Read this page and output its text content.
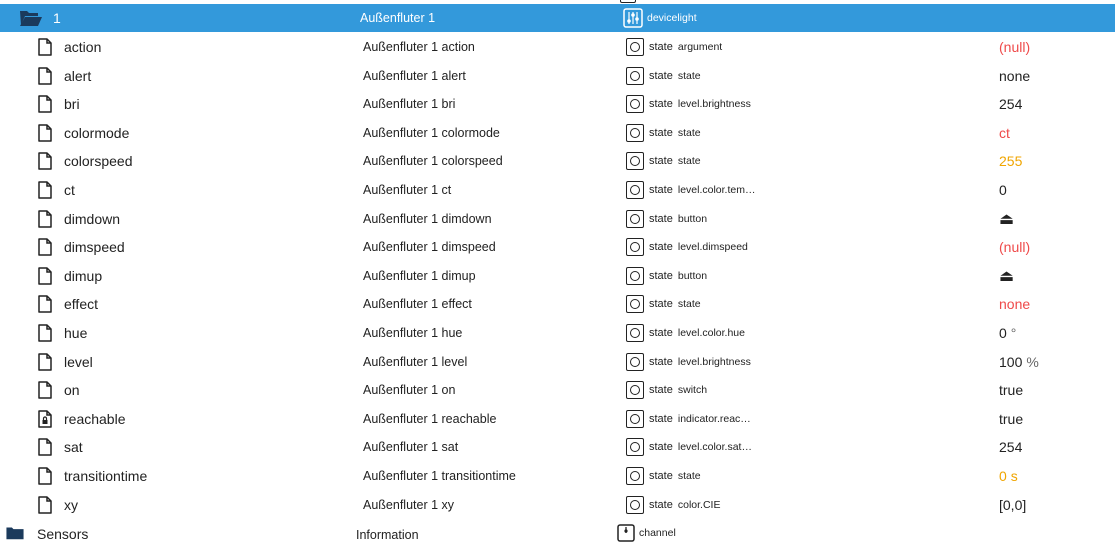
1	Außenfluter 1	devicelight
action	Außenfluter 1 action	state argument	(null)
alert	Außenfluter 1 alert	state state	none
bri	Außenfluter 1 bri	state level.brightness	254
colormode	Außenfluter 1 colormode	state state	ct
colorspeed	Außenfluter 1 colorspeed	state state	255
ct	Außenfluter 1 ct	state level.color.tem…	0
dimdown	Außenfluter 1 dimdown	state button	⏏
dimspeed	Außenfluter 1 dimspeed	state level.dimspeed	(null)
dimup	Außenfluter 1 dimup	state button	⏏
effect	Außenfluter 1 effect	state state	none
hue	Außenfluter 1 hue	state level.color.hue	0 °
level	Außenfluter 1 level	state level.brightness	100 %
on	Außenfluter 1 on	state switch	true
reachable	Außenfluter 1 reachable	state indicator.reac…	true
sat	Außenfluter 1 sat	state level.color.sat…	254
transitiontime	Außenfluter 1 transitiontime	state state	0 s
xy	Außenfluter 1 xy	state color.CIE	[0,0]
Sensors	Information	channel
